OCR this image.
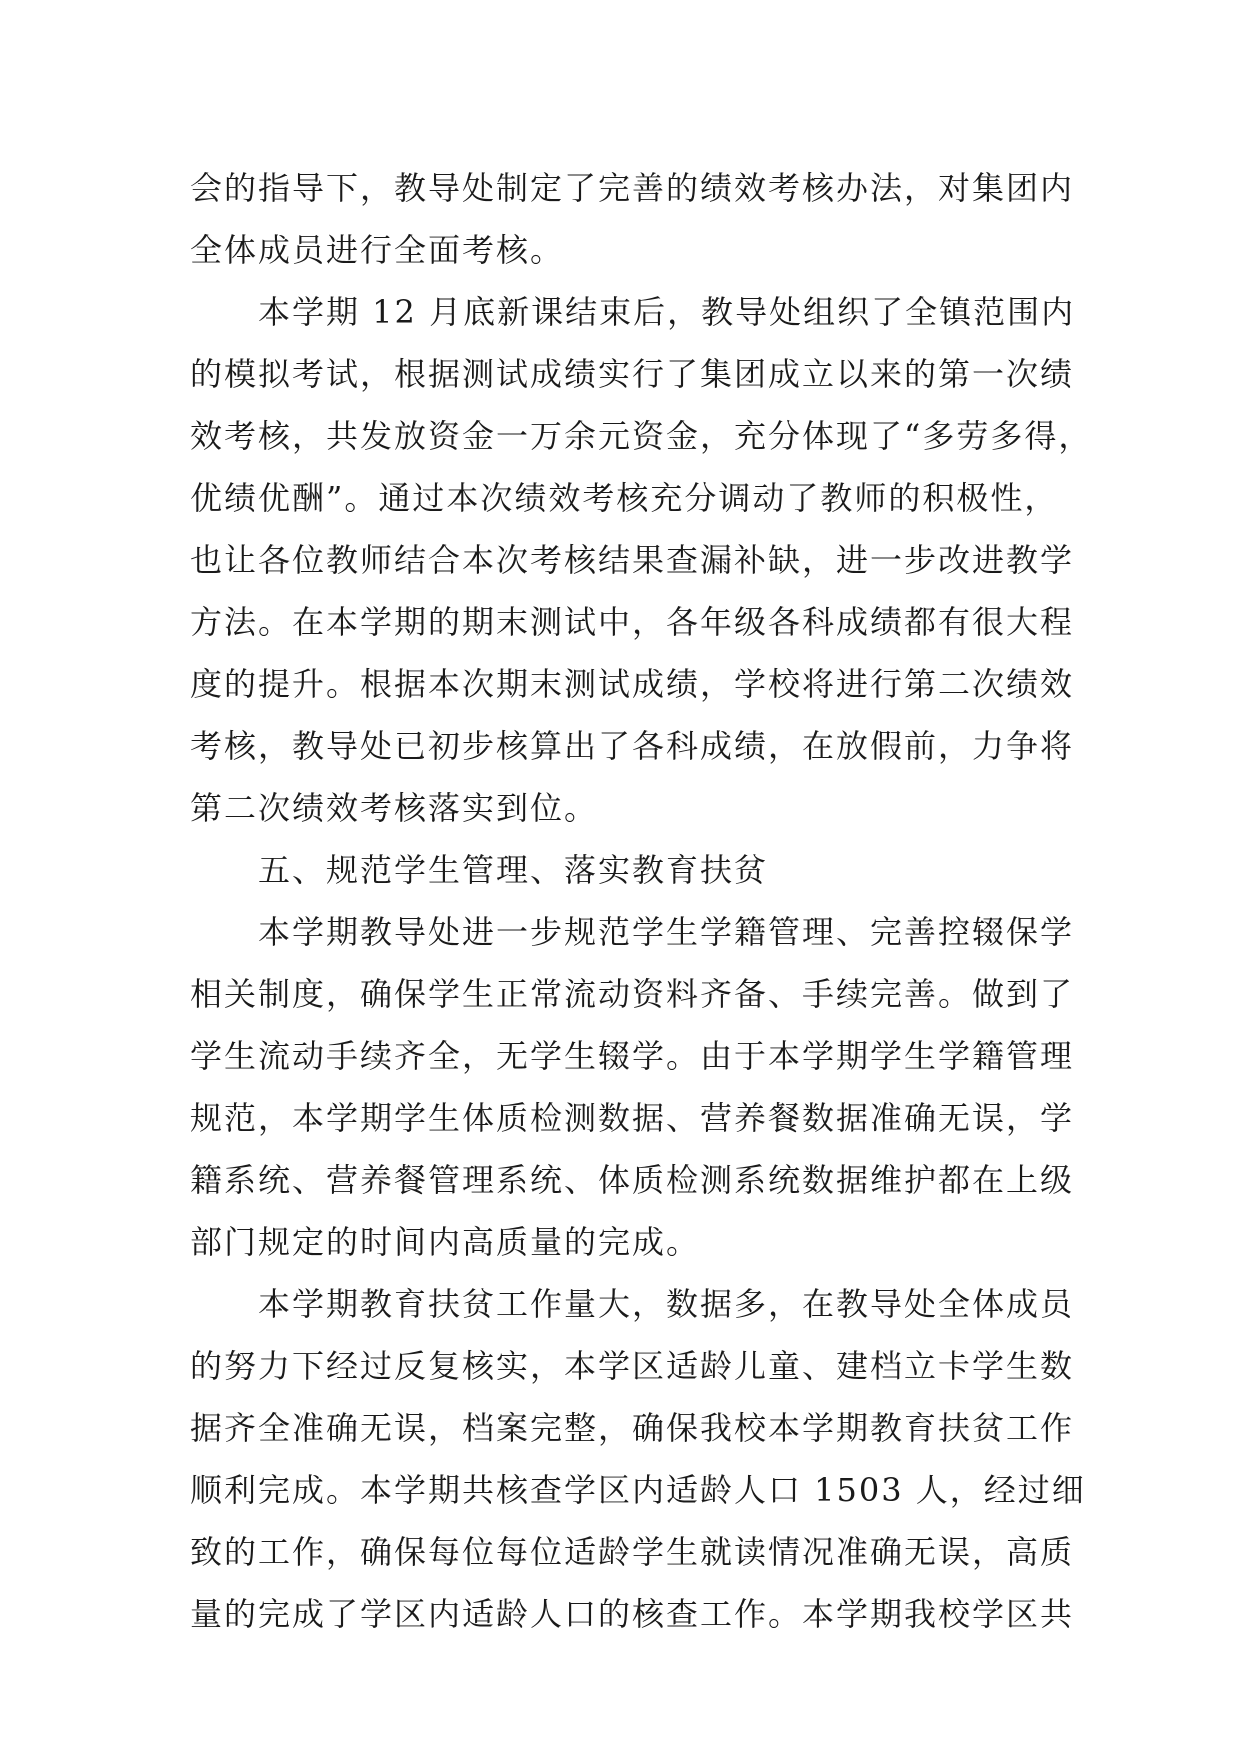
会的指导下，教导处制定了完善的绩效考核办法，对集团内
全体成员进行全面考核。
本学期 12 月底新课结束后，教导处组织了全镇范围内
的模拟考试，根据测试成绩实行了集团成立以来的第一次绩
效考核，共发放资金一万余元资金，充分体现了“多劳多得，
优绩优酬”。通过本次绩效考核充分调动了教师的积极性，
也让各位教师结合本次考核结果查漏补缺，进一步改进教学
方法。在本学期的期末测试中，各年级各科成绩都有很大程
度的提升。根据本次期末测试成绩，学校将进行第二次绩效
考核，教导处已初步核算出了各科成绩，在放假前，力争将
第二次绩效考核落实到位。
五、规范学生管理、落实教育扶贫
本学期教导处进一步规范学生学籍管理、完善控辍保学
相关制度，确保学生正常流动资料齐备、手续完善。做到了
学生流动手续齐全，无学生辍学。由于本学期学生学籍管理
规范，本学期学生体质检测数据、营养餐数据准确无误，学
籍系统、营养餐管理系统、体质检测系统数据维护都在上级
部门规定的时间内高质量的完成。
本学期教育扶贫工作量大，数据多，在教导处全体成员
的努力下经过反复核实，本学区适龄儿童、建档立卡学生数
据齐全准确无误，档案完整，确保我校本学期教育扶贫工作
顺利完成。本学期共核查学区内适龄人口 1503 人，经过细
致的工作，确保每位每位适龄学生就读情况准确无误，高质
量的完成了学区内适龄人口的核查工作。本学期我校学区共
